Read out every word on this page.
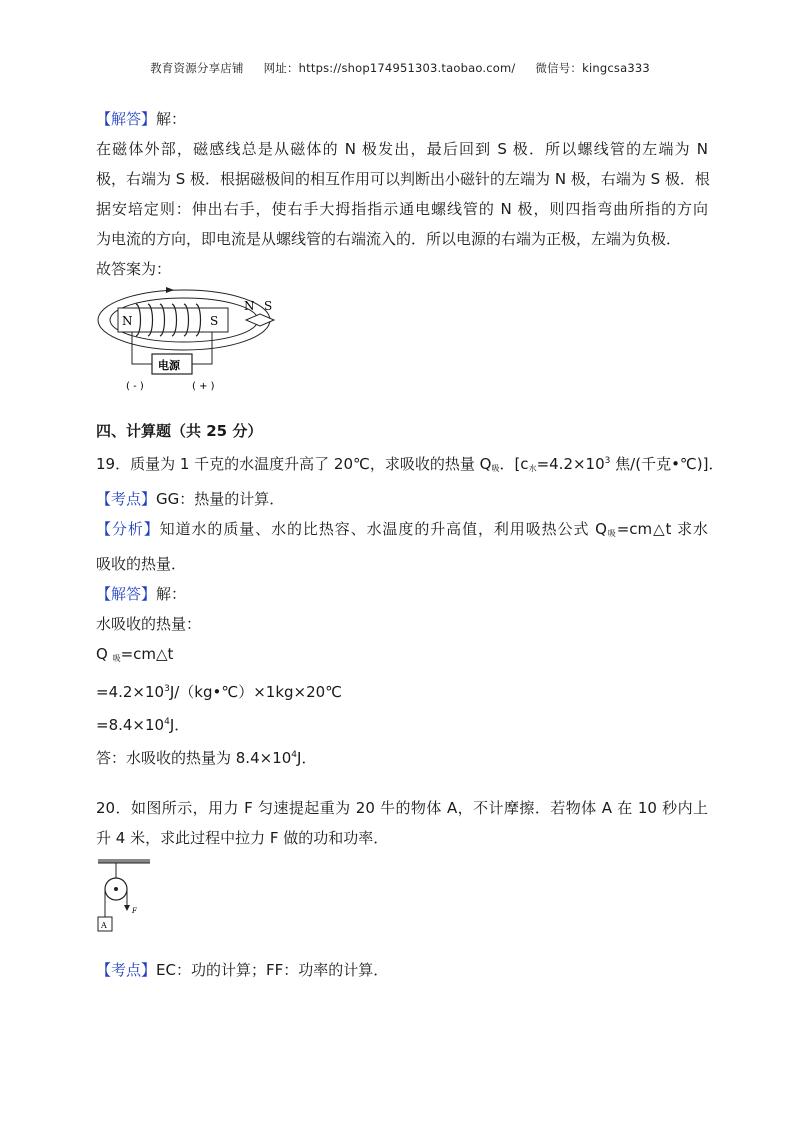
教育资源分享店铺 网址：https://shop174951303.taobao.com/ 微信号：kingcsa333
【解答】解：
在磁体外部，磁感线总是从磁体的 N 极发出，最后回到 S 极．所以螺线管的左端为 N
极，右端为 S 极．根据磁极间的相互作用可以判断出小磁针的左端为 N 极，右端为 S 极．根
据安培定则：伸出右手，使右手大拇指指示通电螺线管的 N 极，则四指弯曲所指的方向
为电流的方向，即电流是从螺线管的右端流入的．所以电源的右端为正极，左端为负极．
故答案为：
N	S
N S
电源
( - )	( + )
四、计算题（共 25 分）
19．质量为 1 千克的水温度升高了 20℃，求吸收的热量 $Q_吸$．[$c_水=4.2\times 10^3$ 焦/(千克•℃)]．
【考点】GG：热量的计算．
【分析】知道水的质量、水的比热容、水温度的升高值，利用吸热公式 $Q_吸=cm\triangle t$ 求水
吸收的热量．
【解答】解：
水吸收的热量：
Q $_吸$=cm△t
$=4.2\times 10^3J/(kg•℃)\times 1kg\times 20℃$
$=8.4\times 10^4J$．
答：水吸收的热量为 $8.4\times 10^4J$．
20．如图所示，用力 F 匀速提起重为 20 牛的物体 A，不计摩擦．若物体 A 在 10 秒内上
升 4 米，求此过程中拉力 F 做的功和功率．
F
A
【考点】EC：功的计算；FF：功率的计算．
